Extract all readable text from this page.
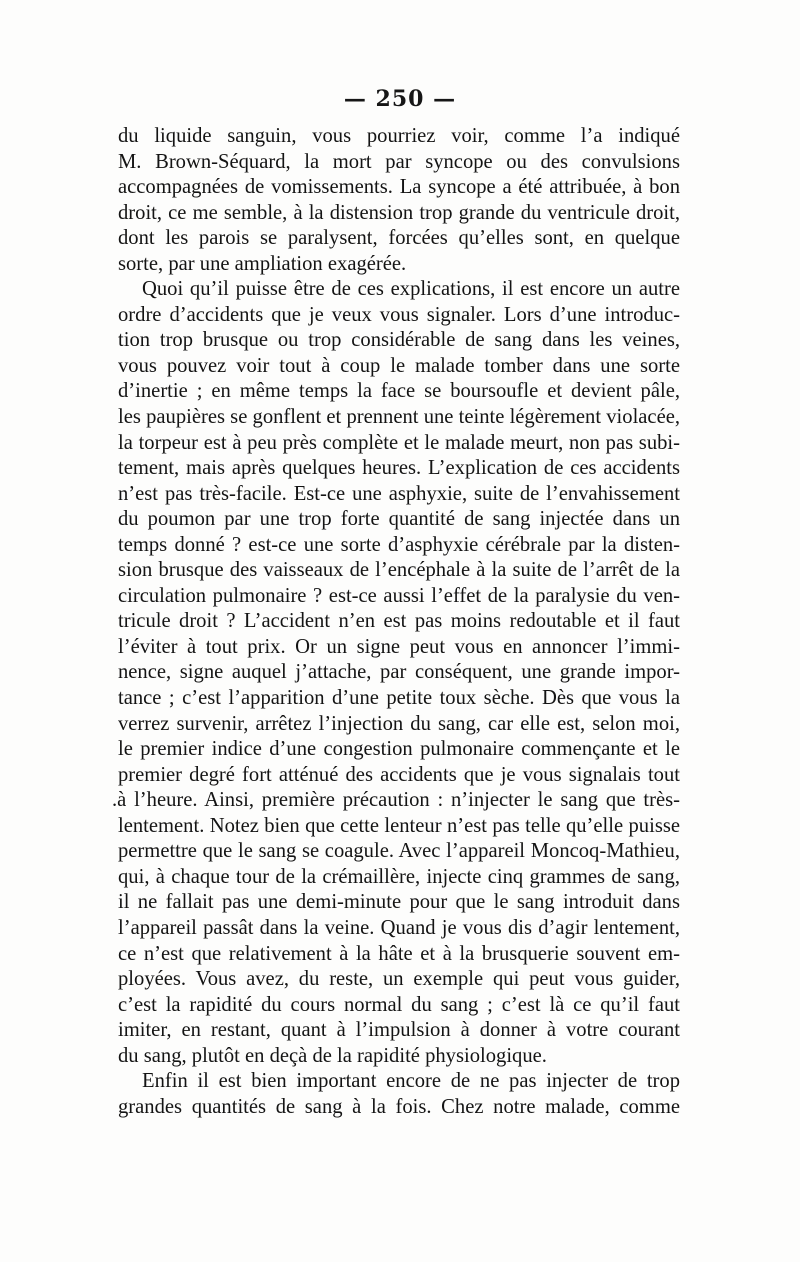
— 250 —
du liquide sanguin, vous pourriez voir, comme l’a indiqué
M. Brown-Séquard, la mort par syncope ou des convulsions
accompagnées de vomissements. La syncope a été attribuée, à bon
droit, ce me semble, à la distension trop grande du ventricule droit,
dont les parois se paralysent, forcées qu’elles sont, en quelque
sorte, par une ampliation exagérée.
Quoi qu’il puisse être de ces explications, il est encore un autre
ordre d’accidents que je veux vous signaler. Lors d’une introduc-
tion trop brusque ou trop considérable de sang dans les veines,
vous pouvez voir tout à coup le malade tomber dans une sorte
d’inertie ; en même temps la face se boursoufle et devient pâle,
les paupières se gonflent et prennent une teinte légèrement violacée,
la torpeur est à peu près complète et le malade meurt, non pas subi-
tement, mais après quelques heures. L’explication de ces accidents
n’est pas très-facile. Est-ce une asphyxie, suite de l’envahissement
du poumon par une trop forte quantité de sang injectée dans un
temps donné ? est-ce une sorte d’asphyxie cérébrale par la disten-
sion brusque des vaisseaux de l’encéphale à la suite de l’arrêt de la
circulation pulmonaire ? est-ce aussi l’effet de la paralysie du ven-
tricule droit ? L’accident n’en est pas moins redoutable et il faut
l’éviter à tout prix. Or un signe peut vous en annoncer l’immi-
nence, signe auquel j’attache, par conséquent, une grande impor-
tance ; c’est l’apparition d’une petite toux sèche. Dès que vous la
verrez survenir, arrêtez l’injection du sang, car elle est, selon moi,
le premier indice d’une congestion pulmonaire commençante et le
premier degré fort atténué des accidents que je vous signalais tout
.à l’heure. Ainsi, première précaution : n’injecter le sang que très-
lentement. Notez bien que cette lenteur n’est pas telle qu’elle puisse
permettre que le sang se coagule. Avec l’appareil Moncoq-Mathieu,
qui, à chaque tour de la crémaillère, injecte cinq grammes de sang,
il ne fallait pas une demi-minute pour que le sang introduit dans
l’appareil passât dans la veine. Quand je vous dis d’agir lentement,
ce n’est que relativement à la hâte et à la brusquerie souvent em-
ployées. Vous avez, du reste, un exemple qui peut vous guider,
c’est la rapidité du cours normal du sang ; c’est là ce qu’il faut
imiter, en restant, quant à l’impulsion à donner à votre courant
du sang, plutôt en deçà de la rapidité physiologique.
Enfin il est bien important encore de ne pas injecter de trop
grandes quantités de sang à la fois. Chez notre malade, comme
